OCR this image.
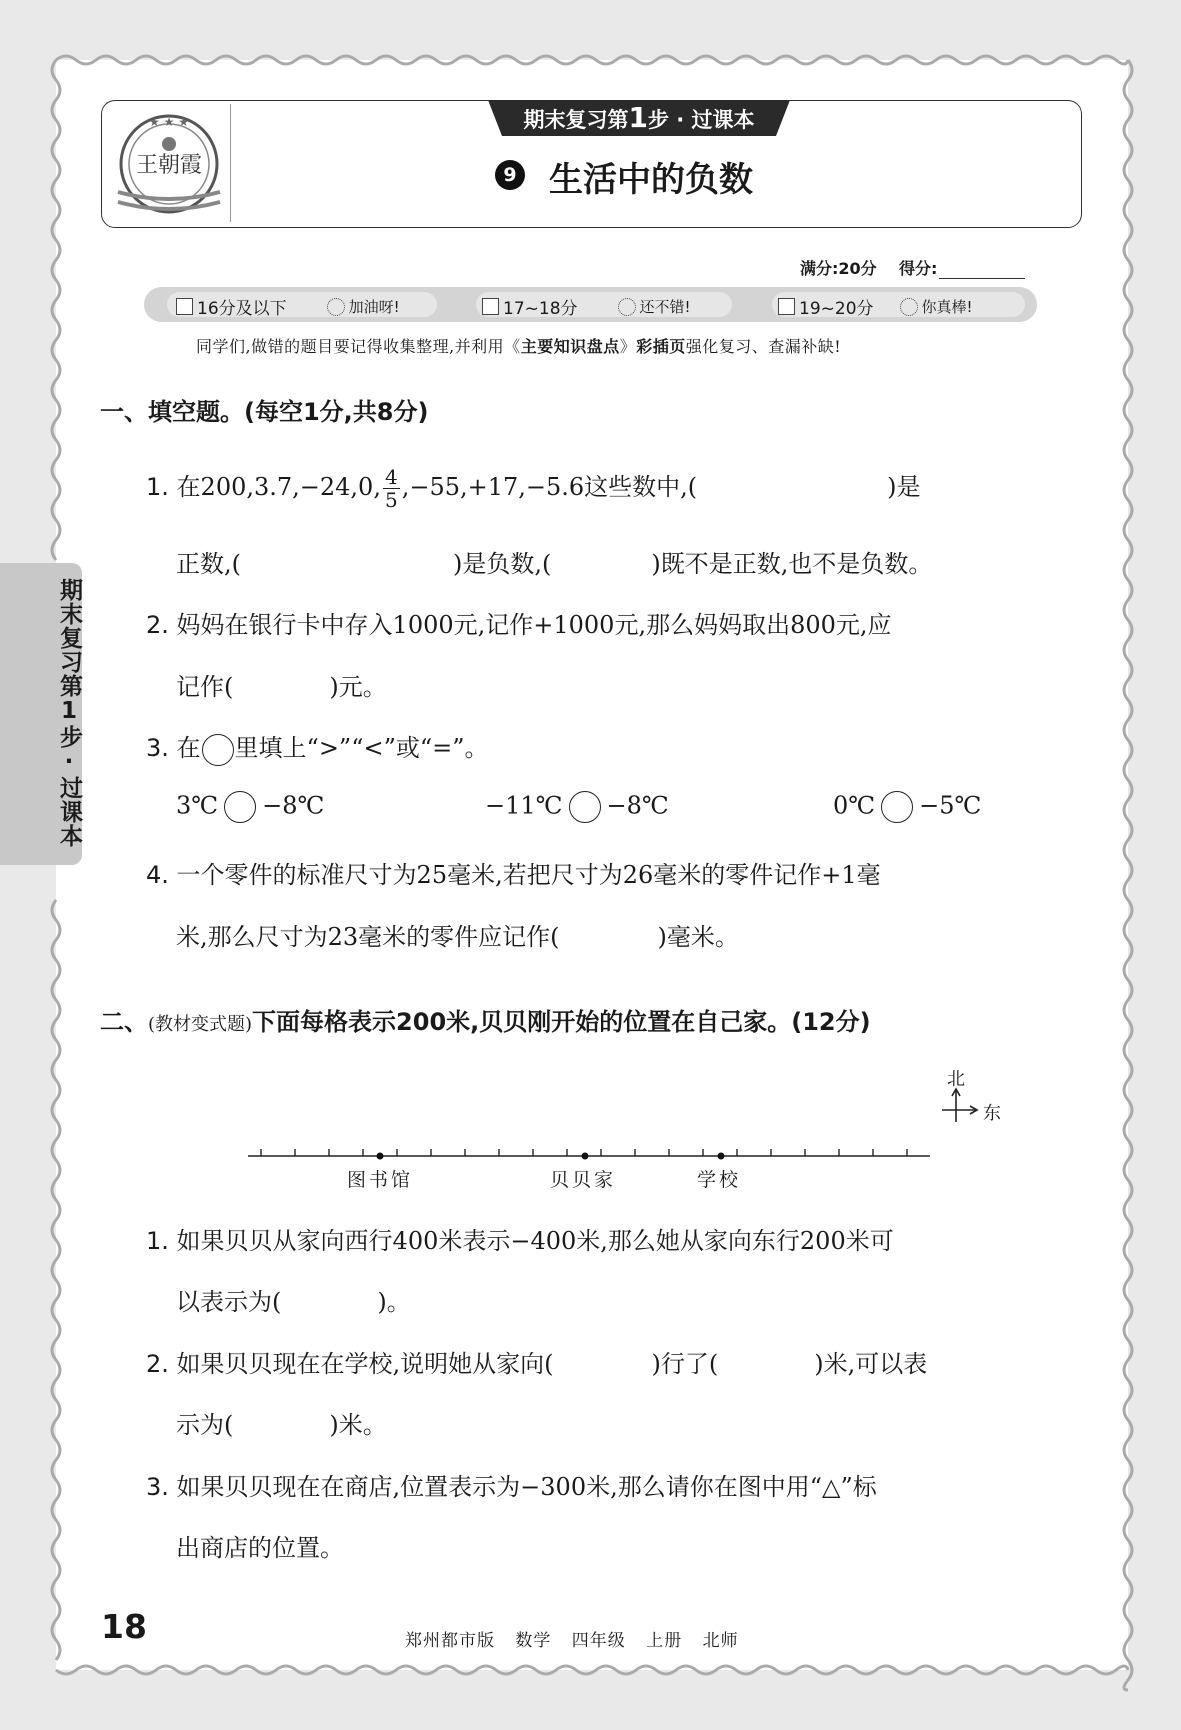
★ ★ ★
王朝霞
期末复习第1步 · 过课本
9 生活中的负数
满分:20分 得分:
16分及以下	加油呀!	17~18分	还不错!	19~20分	你真棒!
同学们,做错的题目要记得收集整理,并利用《主要知识盘点》彩插页强化复习、查漏补缺!
一、填空题。(每空1分,共8分)
1. 在200,3.7,−24,0, $\frac{4}{5},-55,+17,-5.6$这些数中,(	)是
正数,(	)是负数,(	)既不是正数,也不是负数。
2. 妈妈在银行卡中存入1000元,记作+1000元,那么妈妈取出800元,应
记作(	)元。
3. 在 里填上“>”“<”或“=”。
3℃ −8℃	−11℃ −8℃	0℃ −5℃
4. 一个零件的标准尺寸为25毫米,若把尺寸为26毫米的零件记作+1毫
米,那么尺寸为23毫米的零件应记作(	)毫米。
二、(教材变式题)下面每格表示200米,贝贝刚开始的位置在自己家。(12分)
北
东
图书馆	贝贝家	学校
1. 如果贝贝从家向西行400米表示−400米,那么她从家向东行200米可
以表示为(	)。
2. 如果贝贝现在在学校,说明她从家向(	)行了(	)米,可以表
示为(	)米。
3. 如果贝贝现在在商店,位置表示为−300米,那么请你在图中用“△”标
出商店的位置。
期末复习第1步·过课本
18	郑州都市版 数学 四年级 上册 北师
